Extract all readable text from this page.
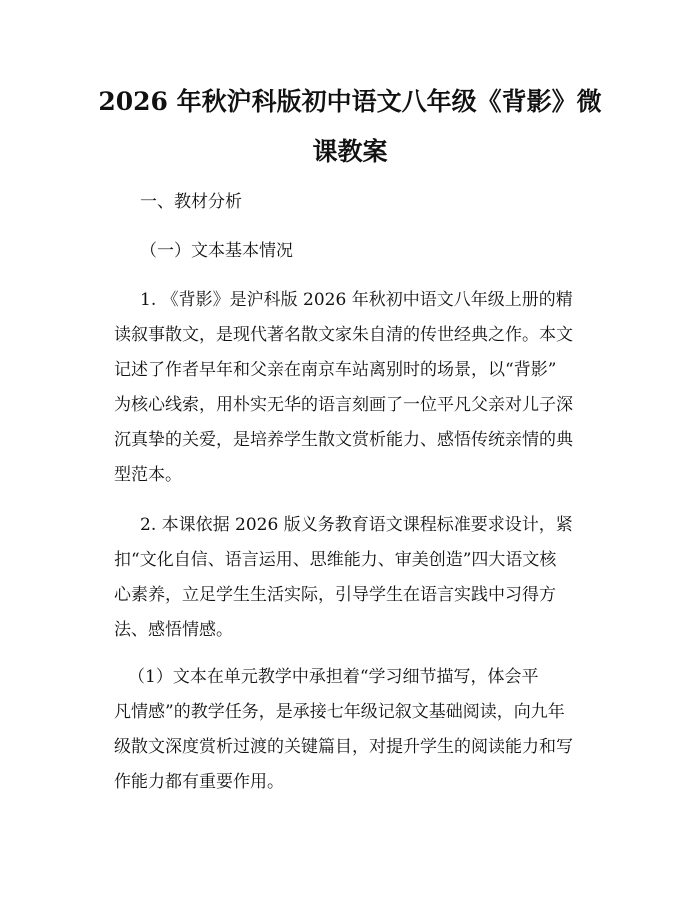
2026 年秋沪科版初中语文八年级《背影》微
课教案
一、教材分析
（一）文本基本情况
1. 《背影》是沪科版 2026 年秋初中语文八年级上册的精
读叙事散文，是现代著名散文家朱自清的传世经典之作。本文
记述了作者早年和父亲在南京车站离别时的场景，以“背影”
为核心线索，用朴实无华的语言刻画了一位平凡父亲对儿子深
沉真挚的关爱，是培养学生散文赏析能力、感悟传统亲情的典
型范本。
2. 本课依据 2026 版义务教育语文课程标准要求设计，紧
扣“文化自信、语言运用、思维能力、审美创造”四大语文核
心素养，立足学生生活实际，引导学生在语言实践中习得方
法、感悟情感。
（1）文本在单元教学中承担着“学习细节描写，体会平
凡情感”的教学任务，是承接七年级记叙文基础阅读，向九年
级散文深度赏析过渡的关键篇目，对提升学生的阅读能力和写
作能力都有重要作用。
